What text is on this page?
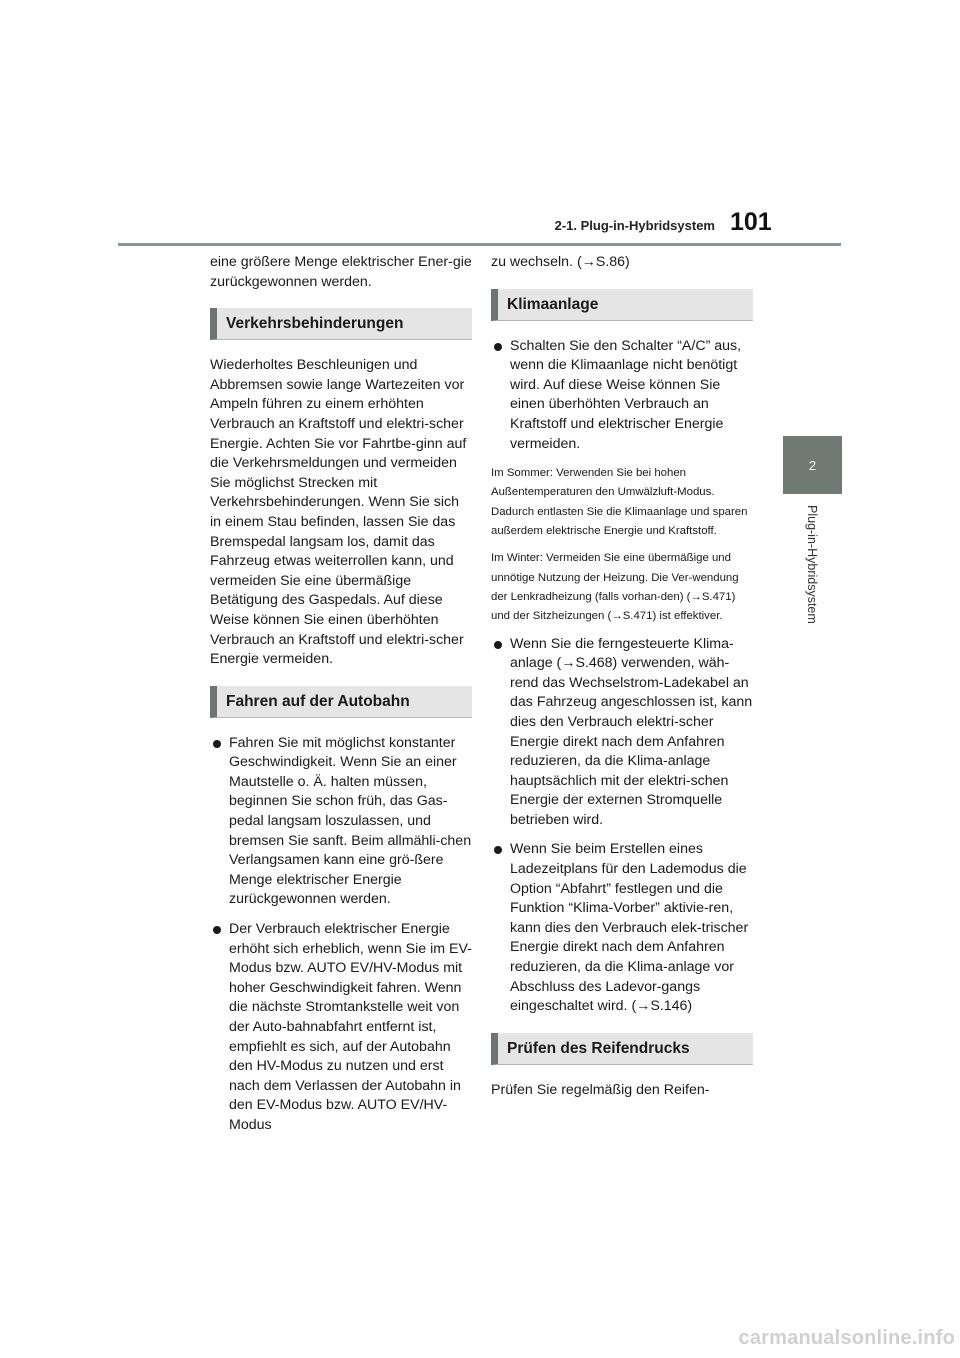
2-1. Plug-in-Hybridsystem 101
2
Plug-in-Hybridsystem

eine größere Menge elektrischer Ener-gie zurückgewonnen werden.

Verkehrsbehinderungen

Wiederholtes Beschleunigen und Abbremsen sowie lange Wartezeiten vor Ampeln führen zu einem erhöhten Verbrauch an Kraftstoff und elektri-scher Energie. Achten Sie vor Fahrtbe-ginn auf die Verkehrsmeldungen und vermeiden Sie möglichst Strecken mit Verkehrsbehinderungen. Wenn Sie sich in einem Stau befinden, lassen Sie das Bremspedal langsam los, damit das Fahrzeug etwas weiterrollen kann, und vermeiden Sie eine übermäßige Betätigung des Gaspedals. Auf diese Weise können Sie einen überhöhten Verbrauch an Kraftstoff und elektri-scher Energie vermeiden.

Fahren auf der Autobahn

Fahren Sie mit möglichst konstanter Geschwindigkeit. Wenn Sie an einer Mautstelle o. Ä. halten müssen, beginnen Sie schon früh, das Gas-pedal langsam loszulassen, und bremsen Sie sanft. Beim allmähli-chen Verlangsamen kann eine grö-ßere Menge elektrischer Energie zurückgewonnen werden.

Der Verbrauch elektrischer Energie erhöht sich erheblich, wenn Sie im EV-Modus bzw. AUTO EV/HV-Modus mit hoher Geschwindigkeit fahren. Wenn die nächste Stromtankstelle weit von der Auto-bahnabfahrt entfernt ist, empfiehlt es sich, auf der Autobahn den HV-Modus zu nutzen und erst nach dem Verlassen der Autobahn in den EV-Modus bzw. AUTO EV/HV-Modus

zu wechseln. (→S.86)

Klimaanlage

Schalten Sie den Schalter “A/C” aus, wenn die Klimaanlage nicht benötigt wird. Auf diese Weise können Sie einen überhöhten Verbrauch an Kraftstoff und elektrischer Energie vermeiden.

Im Sommer: Verwenden Sie bei hohen Außentemperaturen den Umwälzluft-Modus. Dadurch entlasten Sie die Klimaanlage und sparen außerdem elektrische Energie und Kraftstoff.

Im Winter: Vermeiden Sie eine übermäßige und unnötige Nutzung der Heizung. Die Ver-wendung der Lenkradheizung (falls vorhan-den) (→S.471) und der Sitzheizungen (→S.471) ist effektiver.

Wenn Sie die ferngesteuerte Klima-anlage (→S.468) verwenden, wäh-rend das Wechselstrom-Ladekabel an das Fahrzeug angeschlossen ist, kann dies den Verbrauch elektri-scher Energie direkt nach dem Anfahren reduzieren, da die Klima-anlage hauptsächlich mit der elektri-schen Energie der externen Stromquelle betrieben wird.

Wenn Sie beim Erstellen eines Ladezeitplans für den Lademodus die Option “Abfahrt” festlegen und die Funktion “Klima-Vorber” aktivie-ren, kann dies den Verbrauch elek-trischer Energie direkt nach dem Anfahren reduzieren, da die Klima-anlage vor Abschluss des Ladevor-gangs eingeschaltet wird. (→S.146)

Prüfen des Reifendrucks

Prüfen Sie regelmäßig den Reifen-

carmanualsonline.info
